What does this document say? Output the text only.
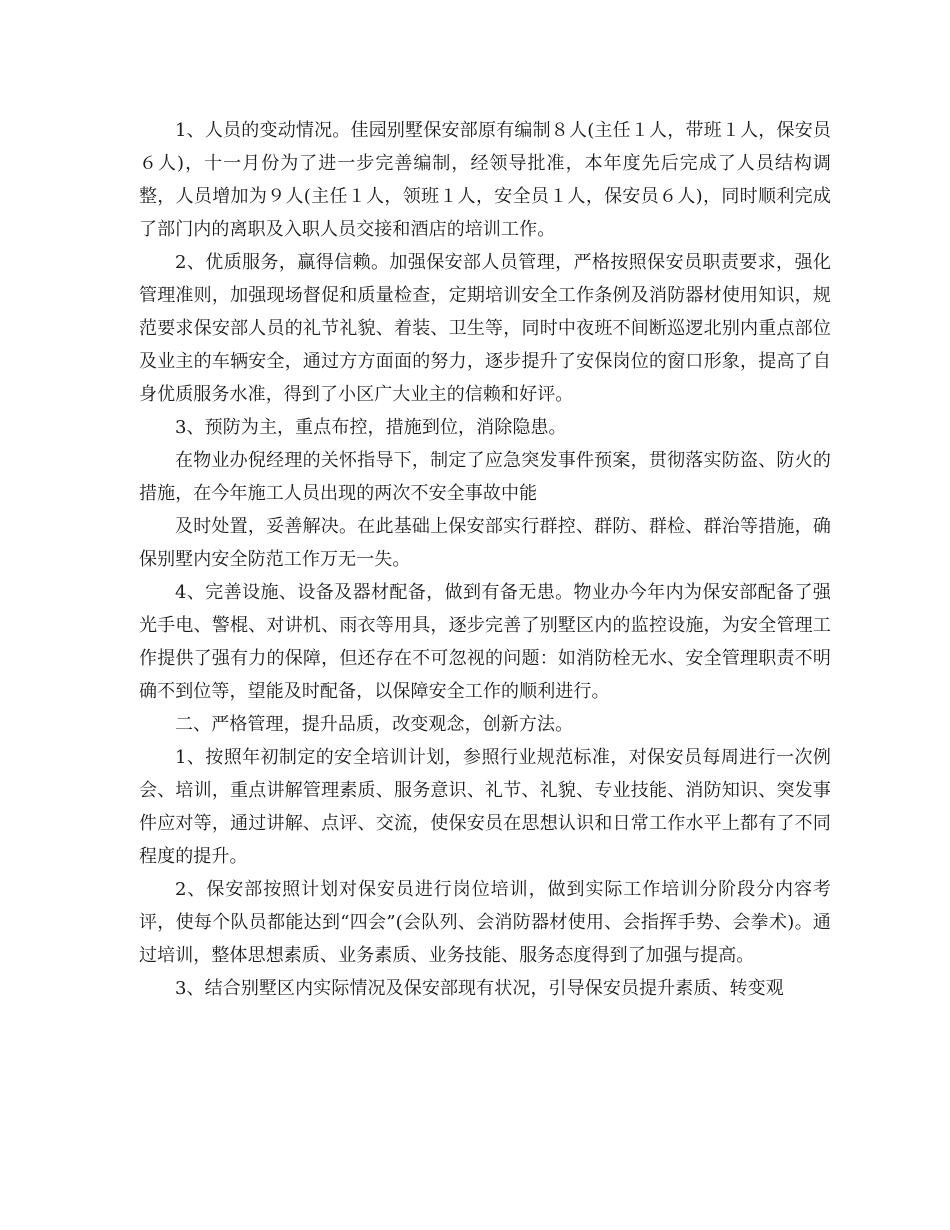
1、人员的变动情况。佳园别墅保安部原有编制８人(主任１人，带班１人，保安员６人)，十一月份为了进一步完善编制，经领导批准，本年度先后完成了人员结构调整，人员增加为９人(主任１人，领班１人，安全员１人，保安员６人)，同时顺利完成了部门内的离职及入职人员交接和酒店的培训工作。

2、优质服务，赢得信赖。加强保安部人员管理，严格按照保安员职责要求，强化管理准则，加强现场督促和质量检查，定期培训安全工作条例及消防器材使用知识，规范要求保安部人员的礼节礼貌、着装、卫生等，同时中夜班不间断巡逻北别内重点部位及业主的车辆安全，通过方方面面的努力，逐步提升了安保岗位的窗口形象，提高了自身优质服务水准，得到了小区广大业主的信赖和好评。

3、预防为主，重点布控，措施到位，消除隐患。

在物业办倪经理的关怀指导下，制定了应急突发事件预案，贯彻落实防盗、防火的措施，在今年施工人员出现的两次不安全事故中能

及时处置，妥善解决。在此基础上保安部实行群控、群防、群检、群治等措施，确保别墅内安全防范工作万无一失。

4、完善设施、设备及器材配备，做到有备无患。物业办今年内为保安部配备了强光手电、警棍、对讲机、雨衣等用具，逐步完善了别墅区内的监控设施，为安全管理工作提供了强有力的保障，但还存在不可忽视的问题：如消防栓无水、安全管理职责不明确不到位等，望能及时配备，以保障安全工作的顺利进行。

二、严格管理，提升品质，改变观念，创新方法。

1、按照年初制定的安全培训计划，参照行业规范标准，对保安员每周进行一次例会、培训，重点讲解管理素质、服务意识、礼节、礼貌、专业技能、消防知识、突发事件应对等，通过讲解、点评、交流，使保安员在思想认识和日常工作水平上都有了不同程度的提升。

2、保安部按照计划对保安员进行岗位培训，做到实际工作培训分阶段分内容考评，使每个队员都能达到“四会”(会队列、会消防器材使用、会指挥手势、会拳术)。通过培训，整体思想素质、业务素质、业务技能、服务态度得到了加强与提高。

3、结合别墅区内实际情况及保安部现有状况，引导保安员提升素质、转变观
